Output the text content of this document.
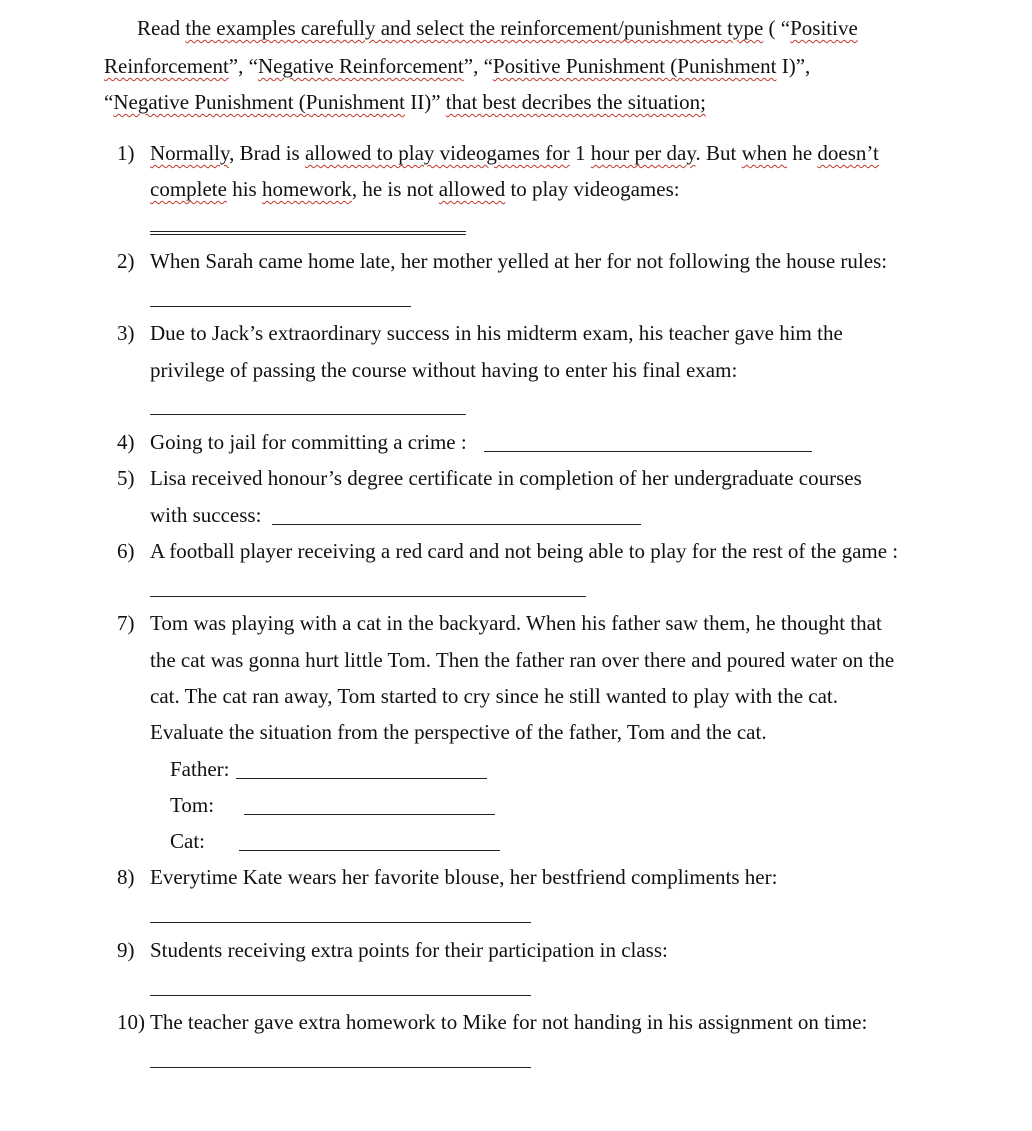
Read the examples carefully and select the reinforcement/punishment type ( “Positive
Reinforcement”, “Negative Reinforcement”, “Positive Punishment (Punishment I)”,
“Negative Punishment (Punishment II)” that best decribes the situation;
1) Normally, Brad is allowed to play videogames for 1 hour per day. But when he doesn’t
complete his homework, he is not allowed to play videogames:
2) When Sarah came home late, her mother yelled at her for not following the house rules:
3) Due to Jack’s extraordinary success in his midterm exam, his teacher gave him the
privilege of passing the course without having to enter his final exam:
4) Going to jail for committing a crime :
5) Lisa received honour’s degree certificate in completion of her undergraduate courses
with success:
6) A football player receiving a red card and not being able to play for the rest of the game :
7) Tom was playing with a cat in the backyard. When his father saw them, he thought that
the cat was gonna hurt little Tom. Then the father ran over there and poured water on the
cat. The cat ran away, Tom started to cry since he still wanted to play with the cat.
Evaluate the situation from the perspective of the father, Tom and the cat.
Father:
Tom:
Cat:
8) Everytime Kate wears her favorite blouse, her bestfriend compliments her:
9) Students receiving extra points for their participation in class:
10) The teacher gave extra homework to Mike for not handing in his assignment on time:
